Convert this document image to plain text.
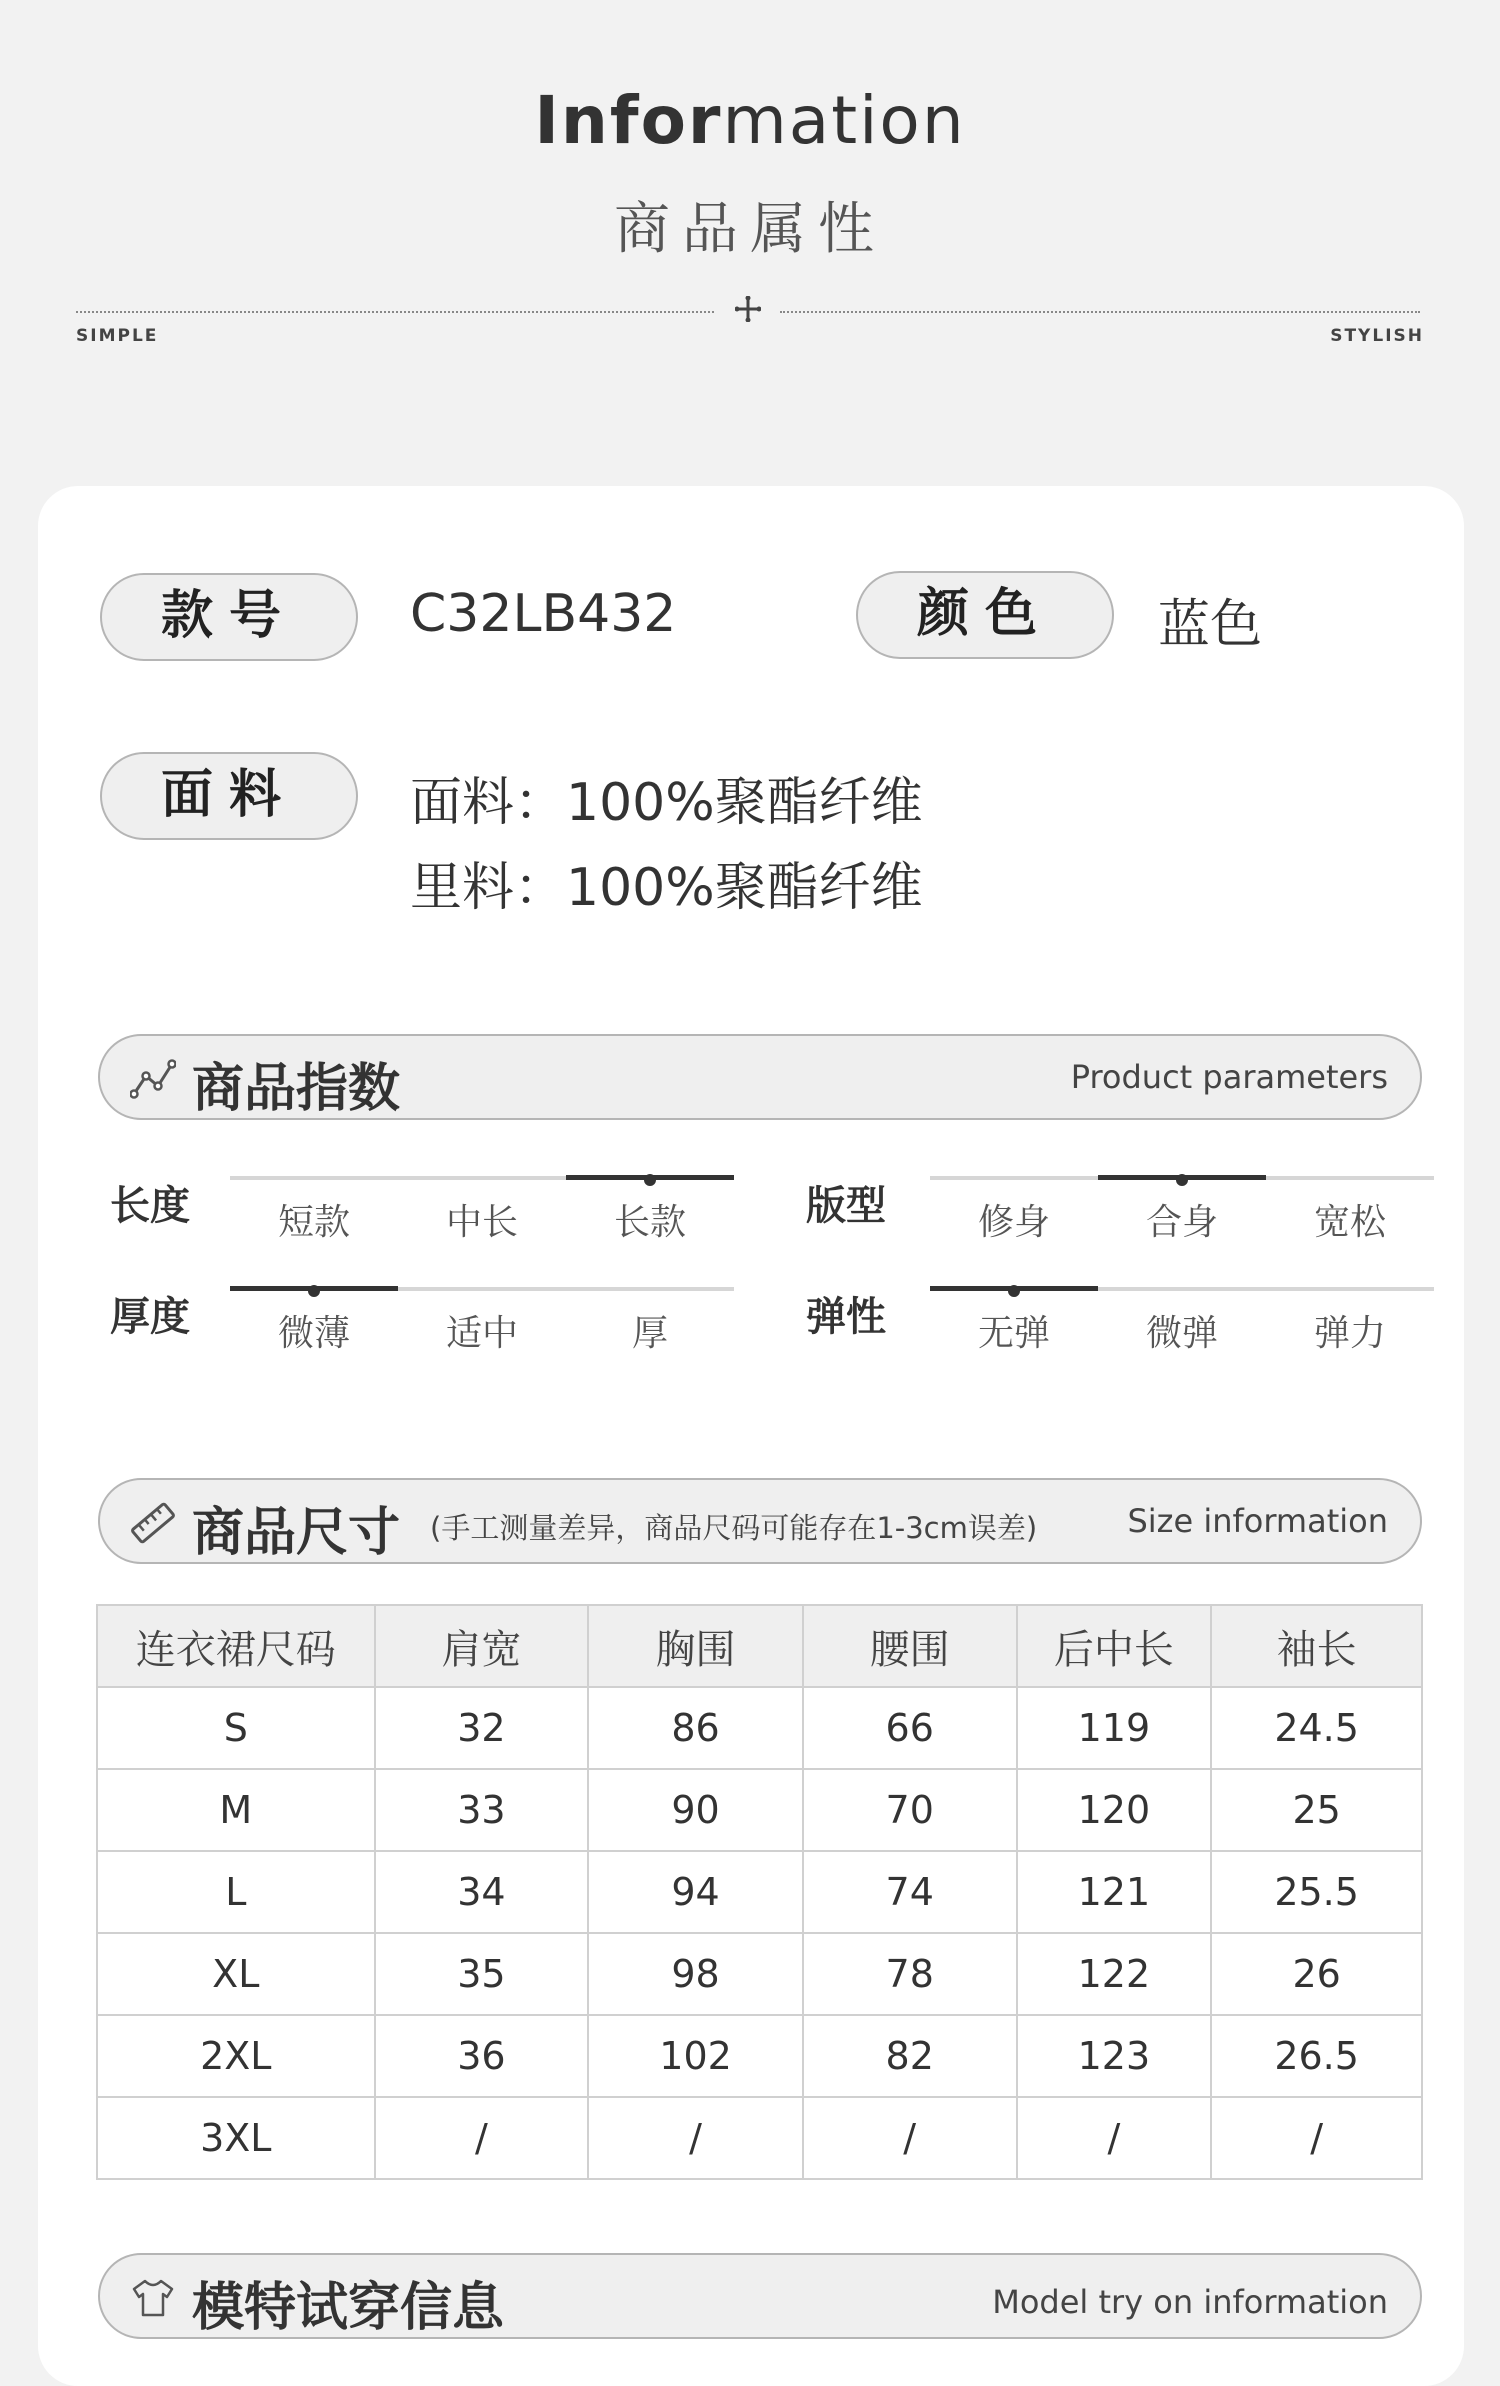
Information
商品属性
SIMPLE	STYLISH
款号	C32LB432	颜色	蓝色
面料	面料：100%聚酯纤维
里料：100%聚酯纤维
商品指数	Product parameters
长度	短款	中长	长款	版型	修身	合身	宽松
厚度	微薄	适中	厚	弹性	无弹	微弹	弹力
商品尺寸 (手工测量差异，商品尺码可能存在1-3cm误差)	Size information
连衣裙尺码	肩宽	胸围	腰围	后中长	袖长
S	32	86	66	119	24.5
M	33	90	70	120	25
L	34	94	74	121	25.5
XL	35	98	78	122	26
2XL	36	102	82	123	26.5
3XL	/	/	/	/	/
模特试穿信息	Model try on information
